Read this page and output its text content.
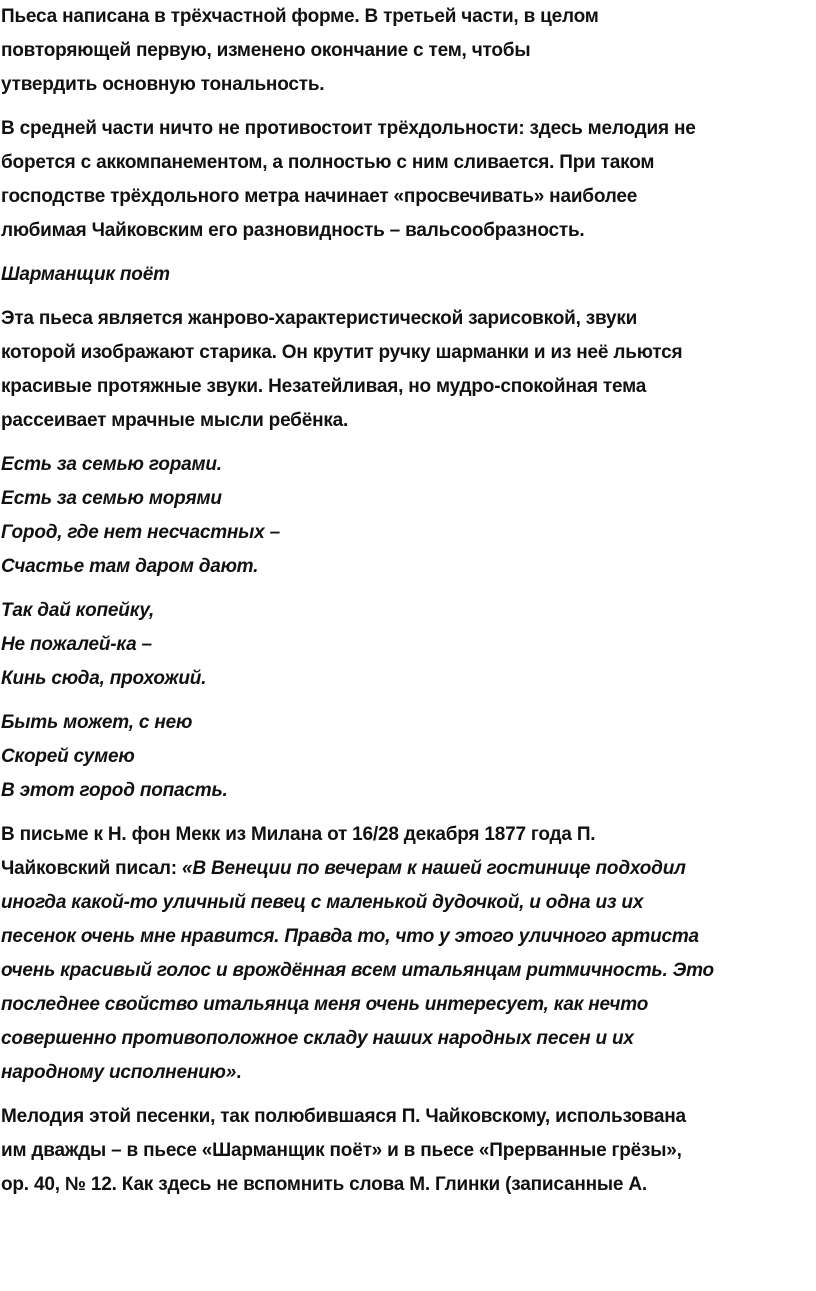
Пьеса написана в трёхчастной форме. В третьей части, в целом
повторяющей первую, изменено окончание с тем, чтобы
утвердить основную тональность.
В средней части ничто не противостоит трёхдольности: здесь мелодия не
борется с аккомпанементом, а полностью с ним сливается. При таком
господстве трёхдольного метра начинает «просвечивать» наиболее
любимая Чайковским его разновидность – вальсообразность.
Шарманщик поёт
Эта пьеса является жанрово-характеристической зарисовкой, звуки
которой изображают старика. Он крутит ручку шарманки и из неё льются
красивые протяжные звуки. Незатейливая, но мудро-спокойная тема
рассеивает мрачные мысли ребёнка.
Есть за семью горами.
Есть за семью морями
Город, где нет несчастных –
Счастье там даром дают.
Так дай копейку,
Не пожалей-ка –
Кинь сюда, прохожий.
Быть может, с нею
Скорей сумею
В этот город попасть.
В письме к Н. фон Мекк из Милана от 16/28 декабря 1877 года П.
Чайковский писал: «В Венеции по вечерам к нашей гостинице подходил
иногда какой-то уличный певец с маленькой дудочкой, и одна из их
песенок очень мне нравится. Правда то, что у этого уличного артиста
очень красивый голос и врождённая всем итальянцам ритмичность. Это
последнее свойство итальянца меня очень интересует, как нечто
совершенно противоположное складу наших народных песен и их
народному исполнению».
Мелодия этой песенки, так полюбившаяся П. Чайковскому, использована
им дважды – в пьесе «Шарманщик поёт» и в пьесе «Прерванные грёзы»,
ор. 40, № 12. Как здесь не вспомнить слова М. Глинки (записанные А.
